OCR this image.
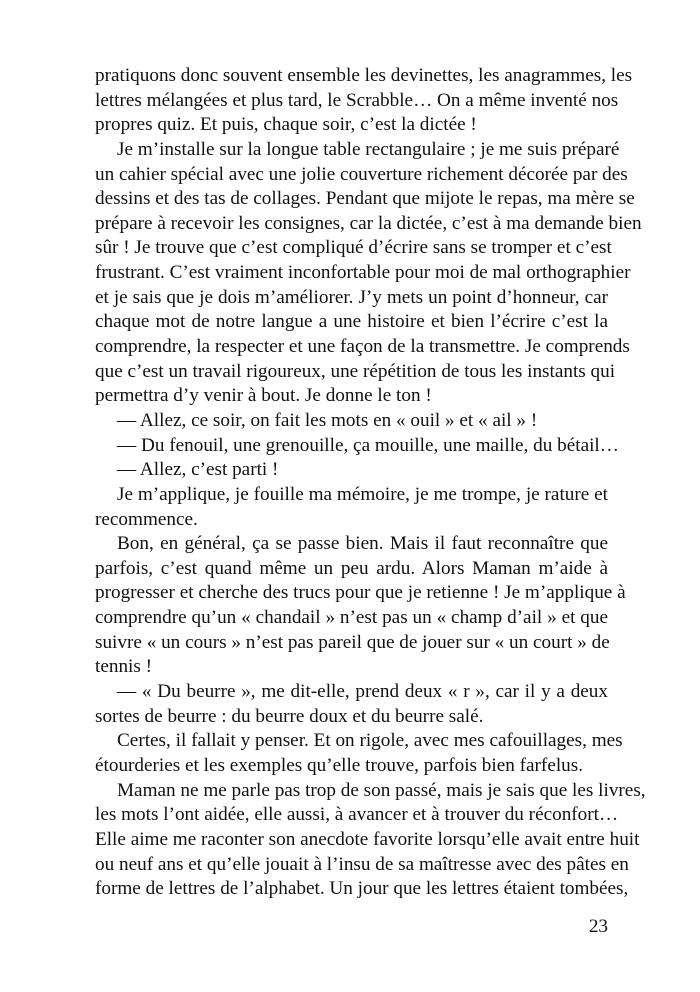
pratiquons donc souvent ensemble les devinettes, les anagrammes, les
lettres mélangées et plus tard, le Scrabble… On a même inventé nos
propres quiz. Et puis, chaque soir, c’est la dictée !
Je m’installe sur la longue table rectangulaire ; je me suis préparé
un cahier spécial avec une jolie couverture richement décorée par des
dessins et des tas de collages. Pendant que mijote le repas, ma mère se
prépare à recevoir les consignes, car la dictée, c’est à ma demande bien
sûr ! Je trouve que c’est compliqué d’écrire sans se tromper et c’est
frustrant. C’est vraiment inconfortable pour moi de mal orthographier
et je sais que je dois m’améliorer. J’y mets un point d’honneur, car
chaque mot de notre langue a une histoire et bien l’écrire c’est la
comprendre, la respecter et une façon de la transmettre. Je comprends
que c’est un travail rigoureux, une répétition de tous les instants qui
permettra d’y venir à bout. Je donne le ton !
— Allez, ce soir, on fait les mots en « ouil » et « ail » !
— Du fenouil, une grenouille, ça mouille, une maille, du bétail…
— Allez, c’est parti !
Je m’applique, je fouille ma mémoire, je me trompe, je rature et
recommence.
Bon, en général, ça se passe bien. Mais il faut reconnaître que
parfois, c’est quand même un peu ardu. Alors Maman m’aide à
progresser et cherche des trucs pour que je retienne ! Je m’applique à
comprendre qu’un « chandail » n’est pas un « champ d’ail » et que
suivre « un cours » n’est pas pareil que de jouer sur « un court » de
tennis !
— « Du beurre », me dit-elle, prend deux « r », car il y a deux
sortes de beurre : du beurre doux et du beurre salé.
Certes, il fallait y penser. Et on rigole, avec mes cafouillages, mes
étourderies et les exemples qu’elle trouve, parfois bien farfelus.
Maman ne me parle pas trop de son passé, mais je sais que les livres,
les mots l’ont aidée, elle aussi, à avancer et à trouver du réconfort…
Elle aime me raconter son anecdote favorite lorsqu’elle avait entre huit
ou neuf ans et qu’elle jouait à l’insu de sa maîtresse avec des pâtes en
forme de lettres de l’alphabet. Un jour que les lettres étaient tombées,
23
